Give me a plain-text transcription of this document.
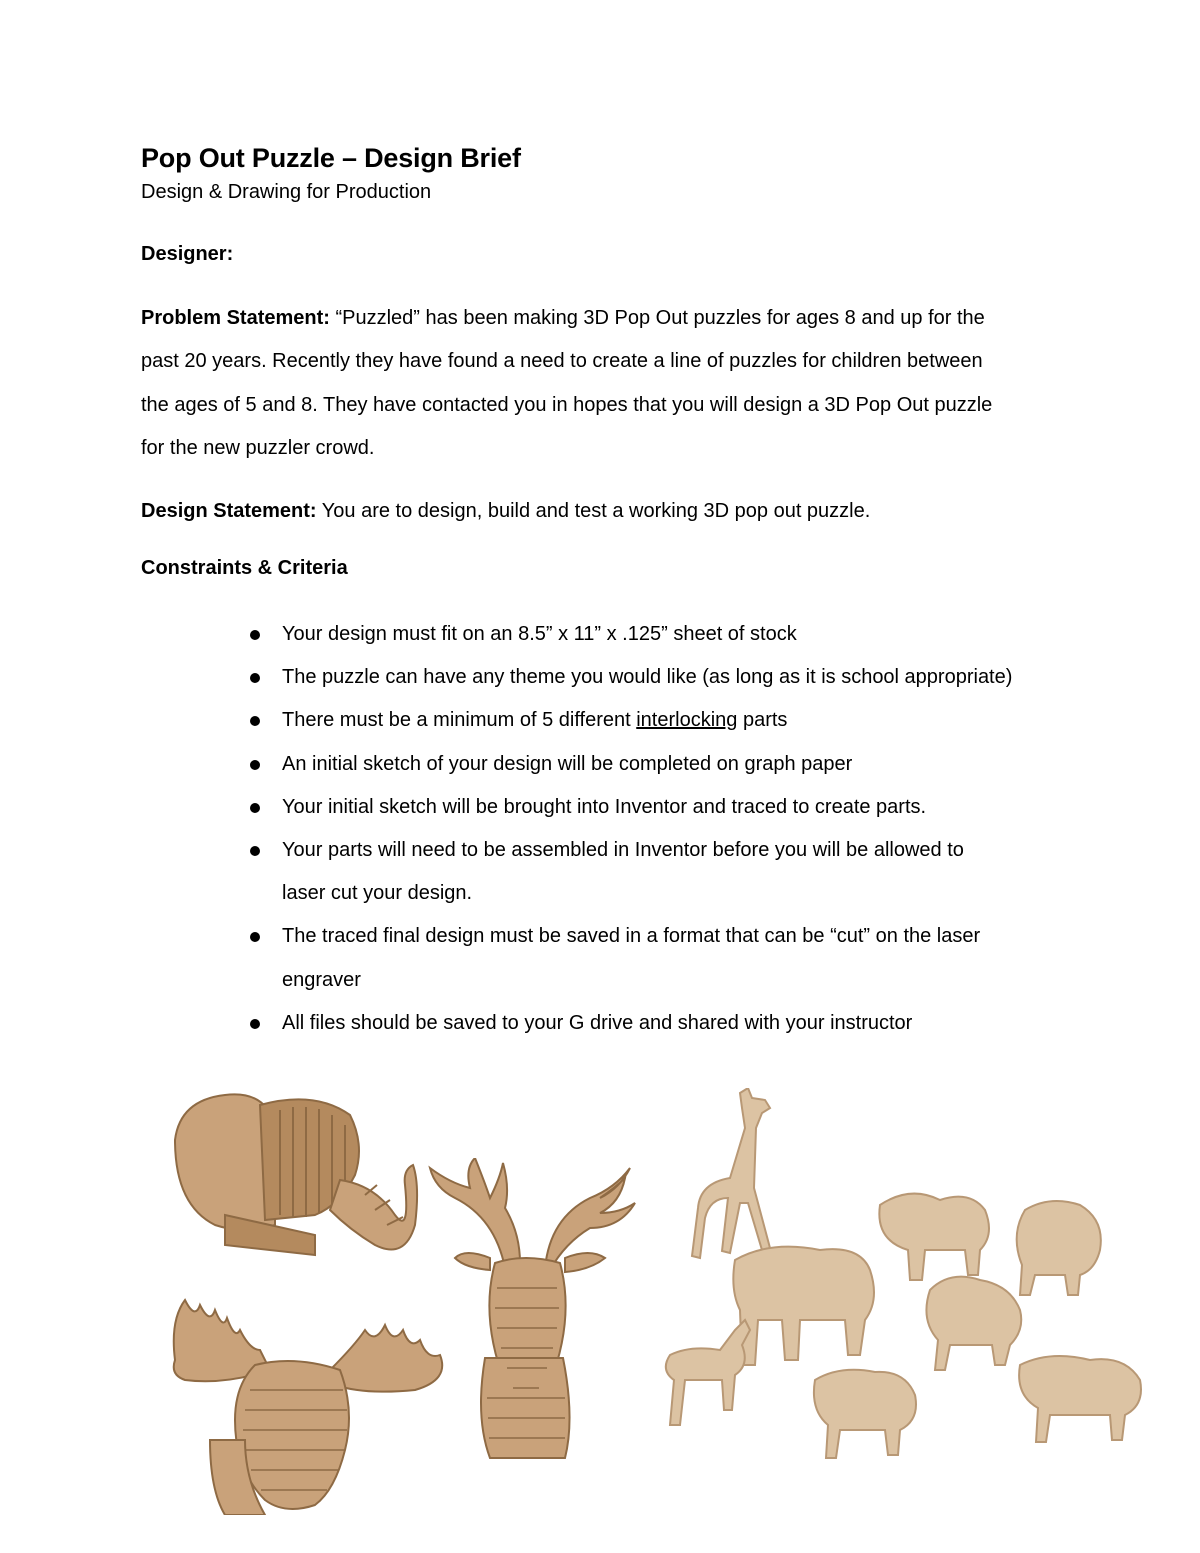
Pop Out Puzzle – Design Brief
Design & Drawing for Production
Designer:
Problem Statement: “Puzzled” has been making 3D Pop Out puzzles for ages 8 and up for the
past 20 years. Recently they have found a need to create a line of puzzles for children between
the ages of 5 and 8. They have contacted you in hopes that you will design a 3D Pop Out puzzle
for the new puzzler crowd.
Design Statement: You are to design, build and test a working 3D pop out puzzle.
Constraints & Criteria
Your design must fit on an 8.5” x 11” x .125” sheet of stock
The puzzle can have any theme you would like (as long as it is school appropriate)
There must be a minimum of 5 different interlocking parts
An initial sketch of your design will be completed on graph paper
Your initial sketch will be brought into Inventor and traced to create parts.
Your parts will need to be assembled in Inventor before you will be allowed to
laser cut your design.
The traced final design must be saved in a format that can be “cut” on the laser
engraver
All files should be saved to your G drive and shared with your instructor
